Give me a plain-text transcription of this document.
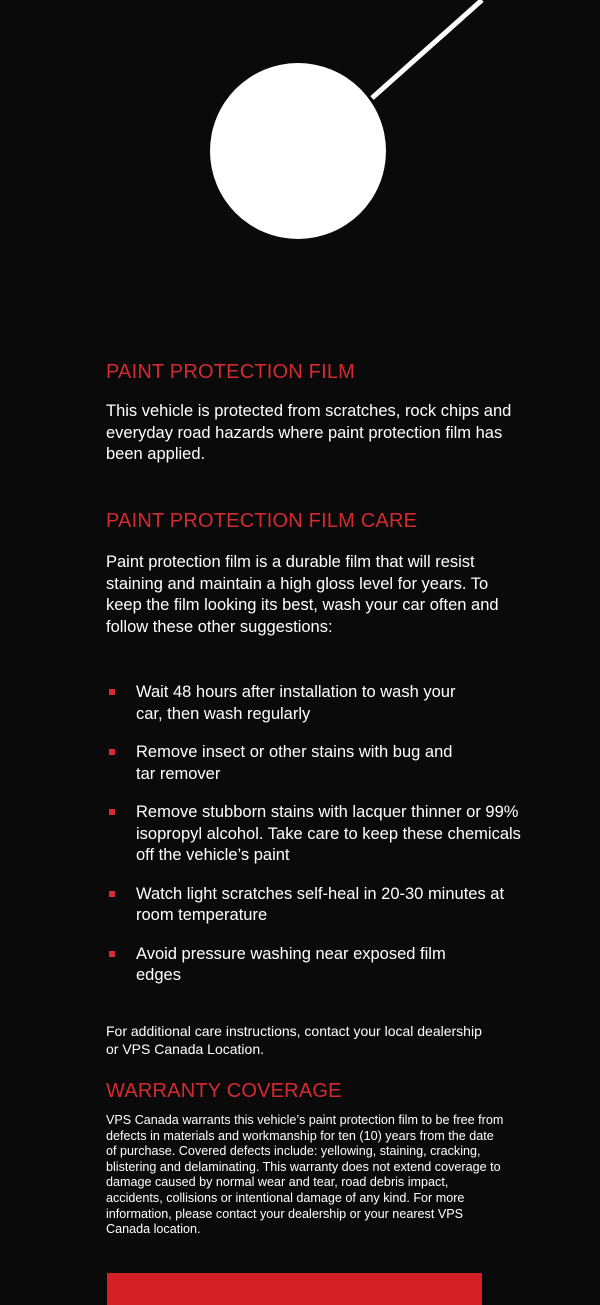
PAINT PROTECTION FILM
This vehicle is protected from scratches, rock chips and everyday road hazards where paint protection film has been applied.
PAINT PROTECTION FILM CARE
Paint protection film is a durable film that will resist staining and maintain a high gloss level for years. To keep the film looking its best, wash your car often and follow these other suggestions:
Wait 48 hours after installation to wash your car, then wash regularly
Remove insect or other stains with bug and tar remover
Remove stubborn stains with lacquer thinner or 99% isopropyl alcohol. Take care to keep these chemicals off the vehicle’s paint
Watch light scratches self-heal in 20-30 minutes at room temperature
Avoid pressure washing near exposed film edges
For additional care instructions, contact your local dealership or VPS Canada Location.
WARRANTY COVERAGE
VPS Canada warrants this vehicle’s paint protection film to be free from defects in materials and workmanship for ten (10) years from the date of purchase. Covered defects include: yellowing, staining, cracking, blistering and delaminating. This warranty does not extend coverage to damage caused by normal wear and tear, road debris impact, accidents, collisions or intentional damage of any kind. For more information, please contact your dealership or your nearest VPS Canada location.
